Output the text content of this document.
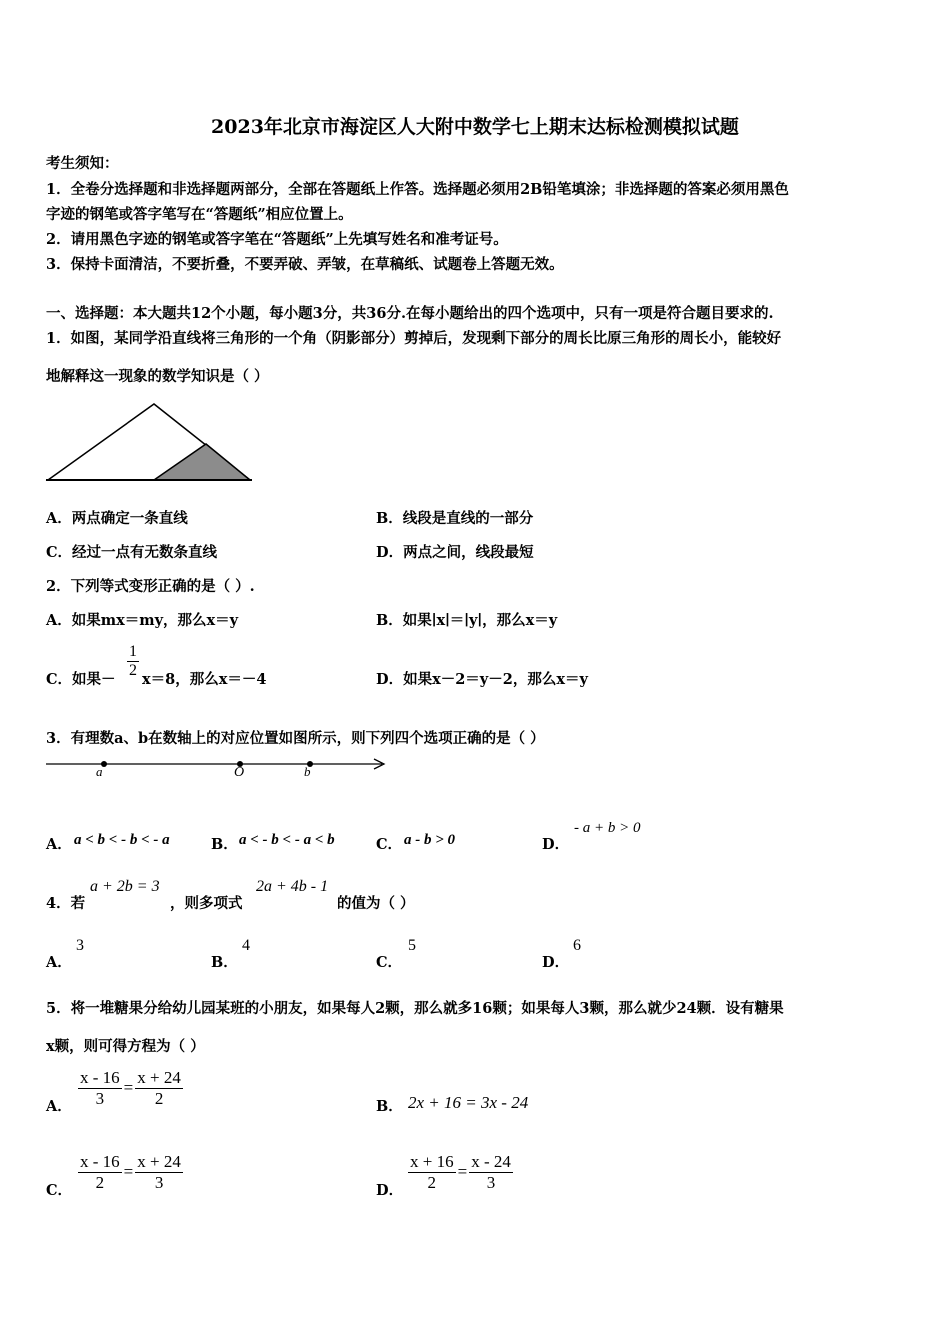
2023年北京市海淀区人大附中数学七上期末达标检测模拟试题
考生须知：
1．全卷分选择题和非选择题两部分，全部在答题纸上作答。选择题必须用2B铅笔填涂；非选择题的答案必须用黑色
字迹的钢笔或答字笔写在“答题纸”相应位置上。
2．请用黑色字迹的钢笔或答字笔在“答题纸”上先填写姓名和准考证号。
3．保持卡面清洁，不要折叠，不要弄破、弄皱，在草稿纸、试题卷上答题无效。
一、选择题：本大题共12个小题，每小题3分，共36分.在每小题给出的四个选项中，只有一项是符合题目要求的.
1．如图，某同学沿直线将三角形的一个角（阴影部分）剪掉后，发现剩下部分的周长比原三角形的周长小，能较好
地解释这一现象的数学知识是（ ）
A．两点确定一条直线	B．线段是直线的一部分
C．经过一点有无数条直线	D．两点之间，线段最短
2．下列等式变形正确的是（ ）.
A．如果mx＝my，那么x＝y	B．如果∣x∣＝∣y∣，那么x＝y
C．如果－ $\frac{1}{2} x=8$，那么x＝－4	D．如果x－2＝y－2，那么x＝y
3．有理数a、b在数轴上的对应位置如图所示，则下列四个选项正确的是（ ）
a	O	b
A． a < b < - b < - a	B． a < - b < - a < b	C． a - b > 0	D．
- a + b > 0
4．若
a + 2b = 3
，则多项式
2a + 4b - 1
的值为（ ）
A．
3
B．
4
C．
5
D．
6
5．将一堆糖果分给幼儿园某班的小朋友，如果每人2颗，那么就多16颗；如果每人3颗，那么就少24颗．设有糖果
x颗，则可得方程为（ ）
A． $\frac{x - 16}{3} = \frac{x + 24}{2}$	B． 2x + 16 = 3x - 24
C． $\frac{x - 16}{2} = \frac{x + 24}{3}$	D． $\frac{x + 16}{2} = \frac{x - 24}{3}$
